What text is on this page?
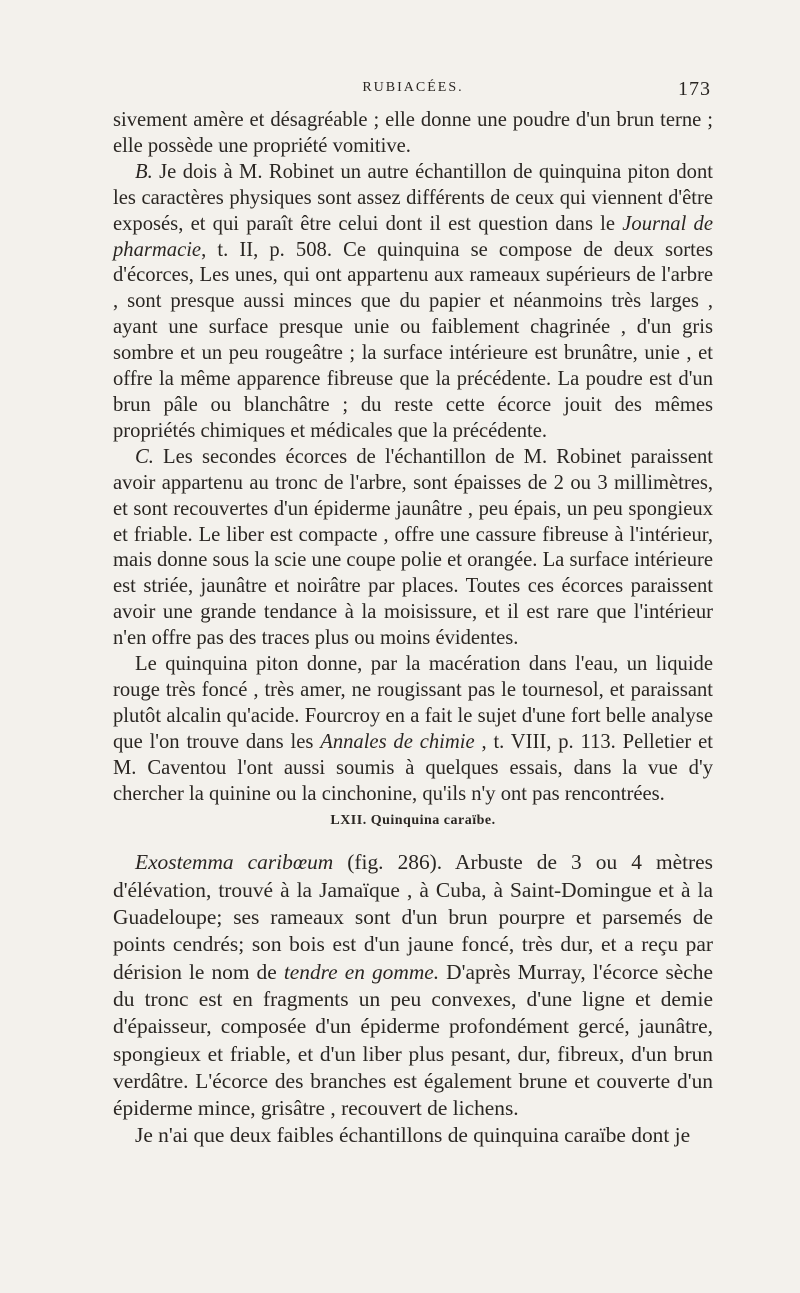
RUBIACÉES.	173

sivement amère et désagréable ; elle donne une poudre d'un brun terne ; elle possède une propriété vomitive.

B. Je dois à M. Robinet un autre échantillon de quinquina piton dont les caractères physiques sont assez différents de ceux qui viennent d'être exposés, et qui paraît être celui dont il est question dans le Journal de pharmacie, t. II, p. 508. Ce quinquina se compose de deux sortes d'écorces, Les unes, qui ont appartenu aux rameaux supérieurs de l'arbre , sont presque aussi minces que du papier et néanmoins très larges , ayant une surface presque unie ou faiblement chagrinée , d'un gris sombre et un peu rougeâtre ; la surface intérieure est brunâtre, unie , et offre la même apparence fibreuse que la précédente. La poudre est d'un brun pâle ou blanchâtre ; du reste cette écorce jouit des mêmes propriétés chimiques et médicales que la précédente.

C. Les secondes écorces de l'échantillon de M. Robinet paraissent avoir appartenu au tronc de l'arbre, sont épaisses de 2 ou 3 millimètres, et sont recouvertes d'un épiderme jaunâtre , peu épais, un peu spongieux et friable. Le liber est compacte , offre une cassure fibreuse à l'intérieur, mais donne sous la scie une coupe polie et orangée. La surface intérieure est striée, jaunâtre et noirâtre par places. Toutes ces écorces paraissent avoir une grande tendance à la moisissure, et il est rare que l'intérieur n'en offre pas des traces plus ou moins évidentes.

Le quinquina piton donne, par la macération dans l'eau, un liquide rouge très foncé , très amer, ne rougissant pas le tournesol, et paraissant plutôt alcalin qu'acide. Fourcroy en a fait le sujet d'une fort belle analyse que l'on trouve dans les Annales de chimie , t. VIII, p. 113. Pelletier et M. Caventou l'ont aussi soumis à quelques essais, dans la vue d'y chercher la quinine ou la cinchonine, qu'ils n'y ont pas rencontrées.

LXII. Quinquina caraïbe.

Exostemma caribœum (fig. 286). Arbuste de 3 ou 4 mètres d'élévation, trouvé à la Jamaïque , à Cuba, à Saint-Domingue et à la Guadeloupe; ses rameaux sont d'un brun pourpre et parsemés de points cendrés; son bois est d'un jaune foncé, très dur, et a reçu par dérision le nom de tendre en gomme. D'après Murray, l'écorce sèche du tronc est en fragments un peu convexes, d'une ligne et demie d'épaisseur, composée d'un épiderme profondément gercé, jaunâtre, spongieux et friable, et d'un liber plus pesant, dur, fibreux, d'un brun verdâtre. L'écorce des branches est également brune et couverte d'un épiderme mince, grisâtre , recouvert de lichens.

Je n'ai que deux faibles échantillons de quinquina caraïbe dont je
